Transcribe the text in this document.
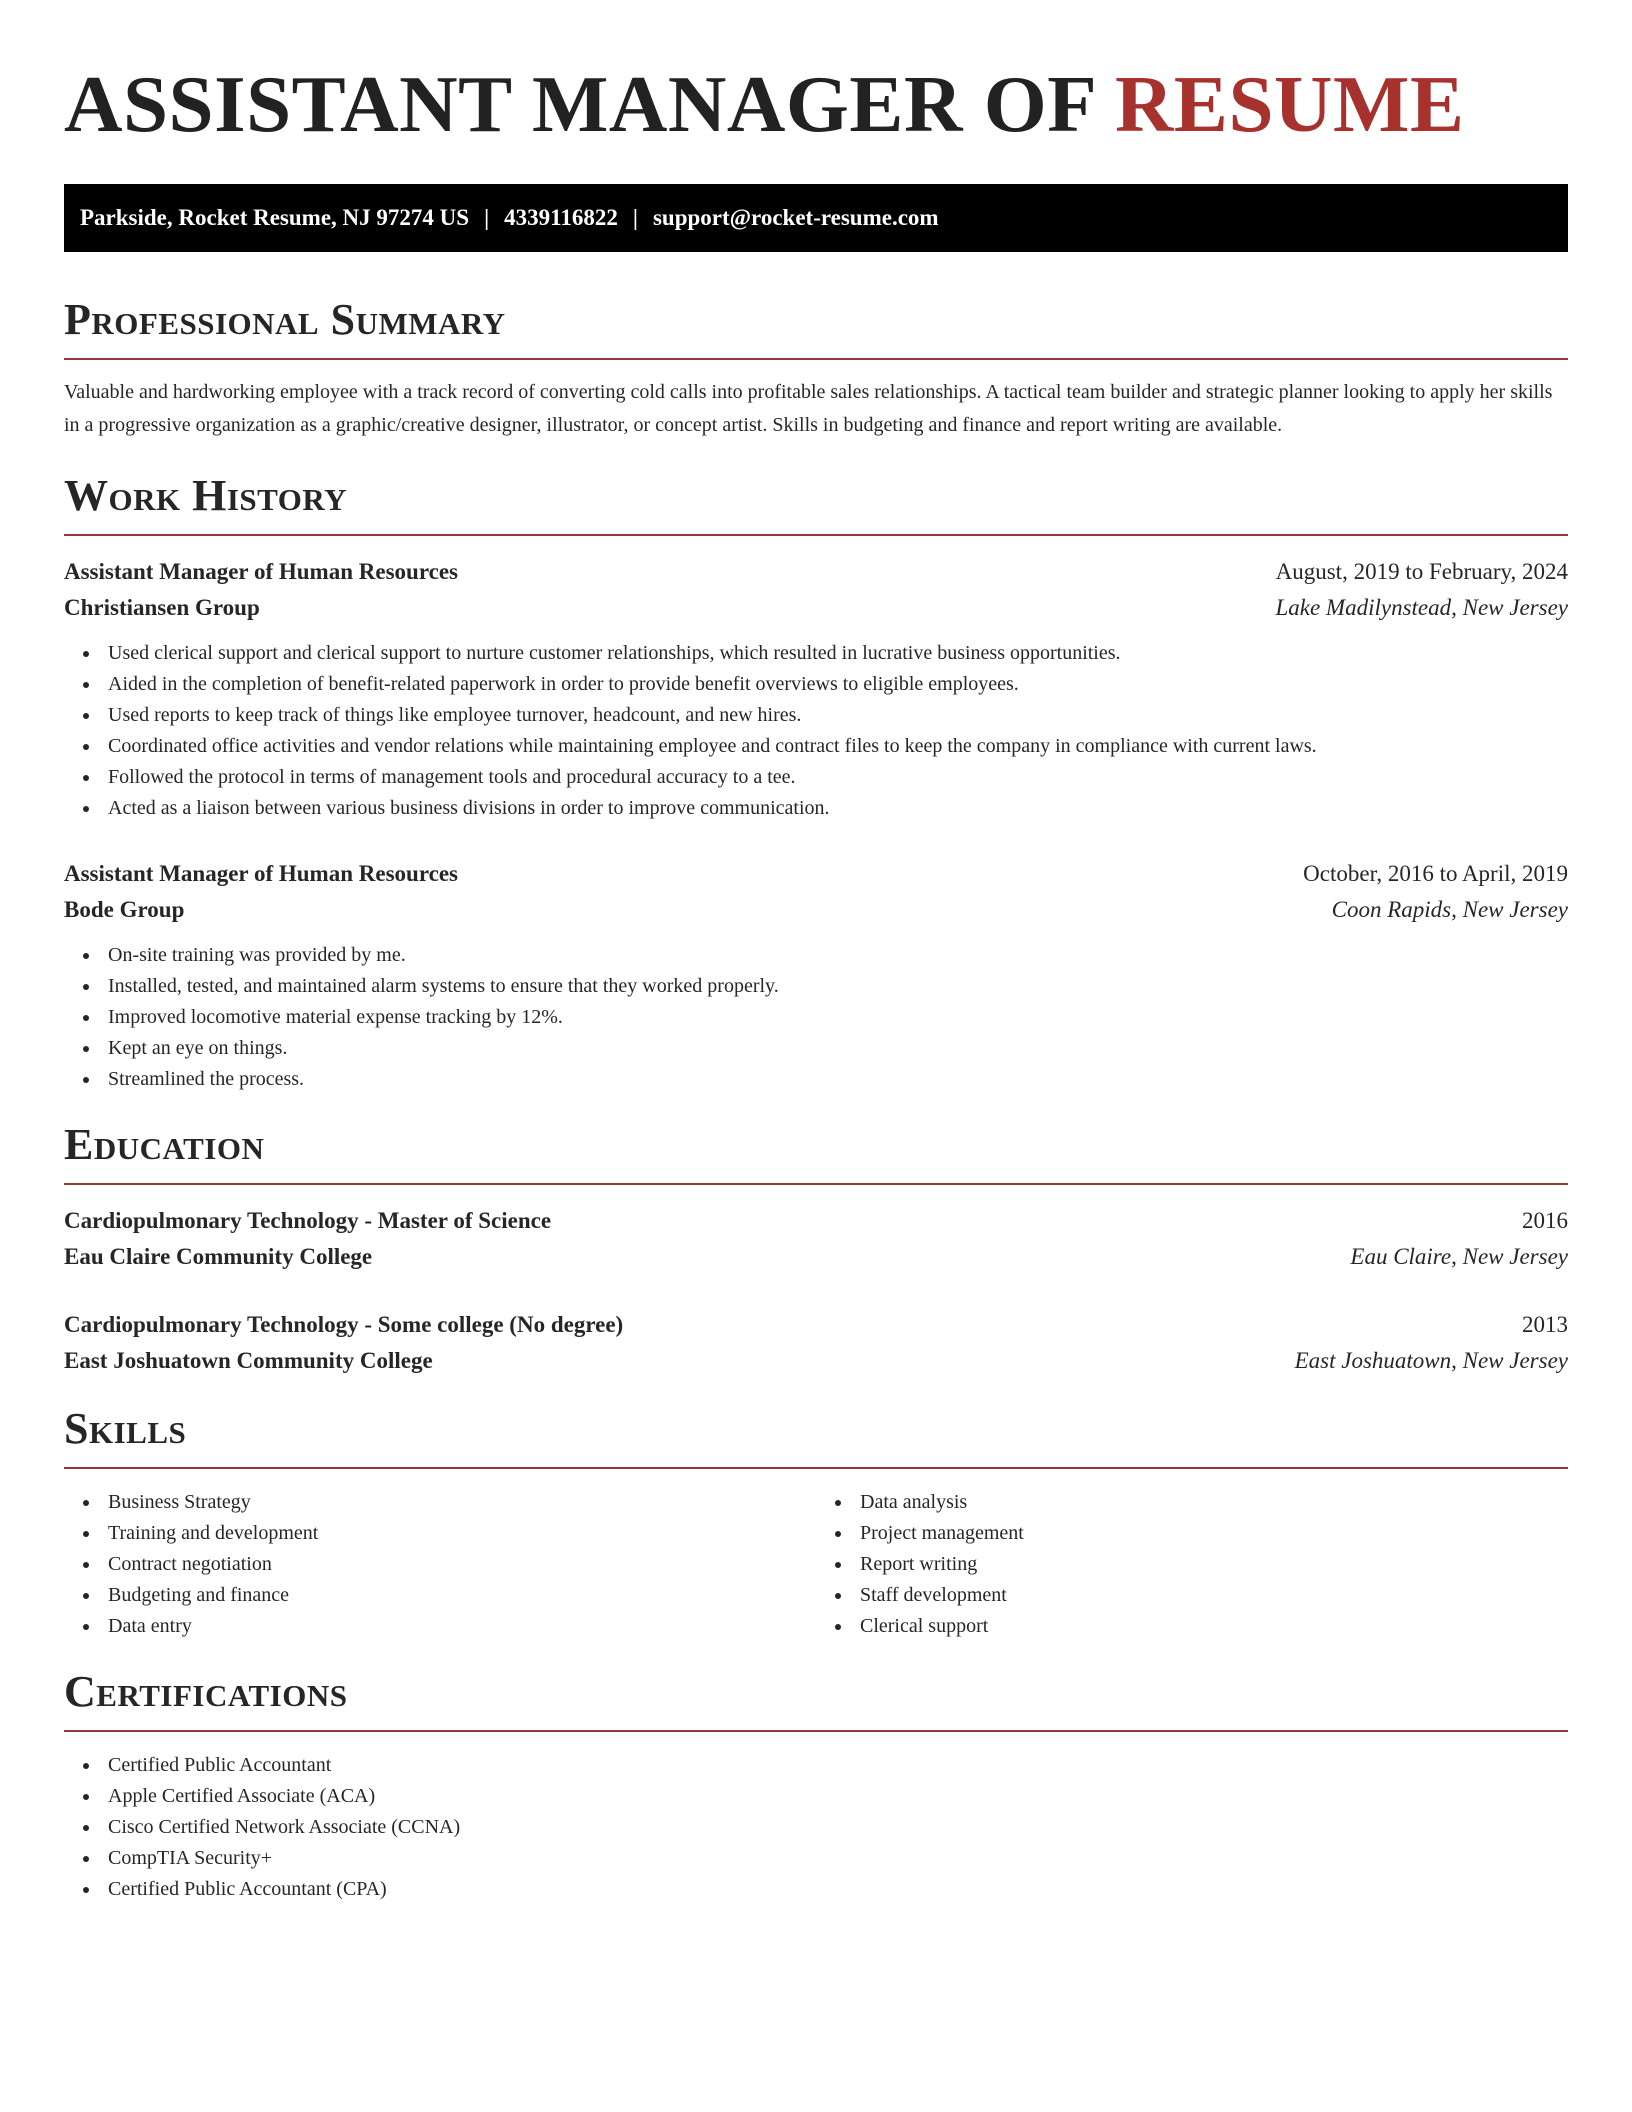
ASSISTANT MANAGER OF RESUME
Parkside, Rocket Resume, NJ 97274 US | 4339116822 | support@rocket-resume.com
Professional Summary

Valuable and hardworking employee with a track record of converting cold calls into profitable sales relationships. A tactical team builder and strategic planner looking to apply her skills in a progressive organization as a graphic/creative designer, illustrator, or concept artist. Skills in budgeting and finance and report writing are available.

Work History
Assistant Manager of Human Resources	August, 2019 to February, 2024
Christiansen Group	Lake Madilynstead, New Jersey
Used clerical support and clerical support to nurture customer relationships, which resulted in lucrative business opportunities.
Aided in the completion of benefit-related paperwork in order to provide benefit overviews to eligible employees.
Used reports to keep track of things like employee turnover, headcount, and new hires.
Coordinated office activities and vendor relations while maintaining employee and contract files to keep the company in compliance with current laws.
Followed the protocol in terms of management tools and procedural accuracy to a tee.
Acted as a liaison between various business divisions in order to improve communication.
Assistant Manager of Human Resources	October, 2016 to April, 2019
Bode Group	Coon Rapids, New Jersey
On-site training was provided by me.
Installed, tested, and maintained alarm systems to ensure that they worked properly.
Improved locomotive material expense tracking by 12%.
Kept an eye on things.
Streamlined the process.
Education
Cardiopulmonary Technology - Master of Science	2016
Eau Claire Community College	Eau Claire, New Jersey
Cardiopulmonary Technology - Some college (No degree)	2013
East Joshuatown Community College	East Joshuatown, New Jersey
Skills
Business Strategy
Training and development
Contract negotiation
Budgeting and finance
Data entry
Data analysis
Project management
Report writing
Staff development
Clerical support
Certifications
Certified Public Accountant
Apple Certified Associate (ACA)
Cisco Certified Network Associate (CCNA)
CompTIA Security+
Certified Public Accountant (CPA)
